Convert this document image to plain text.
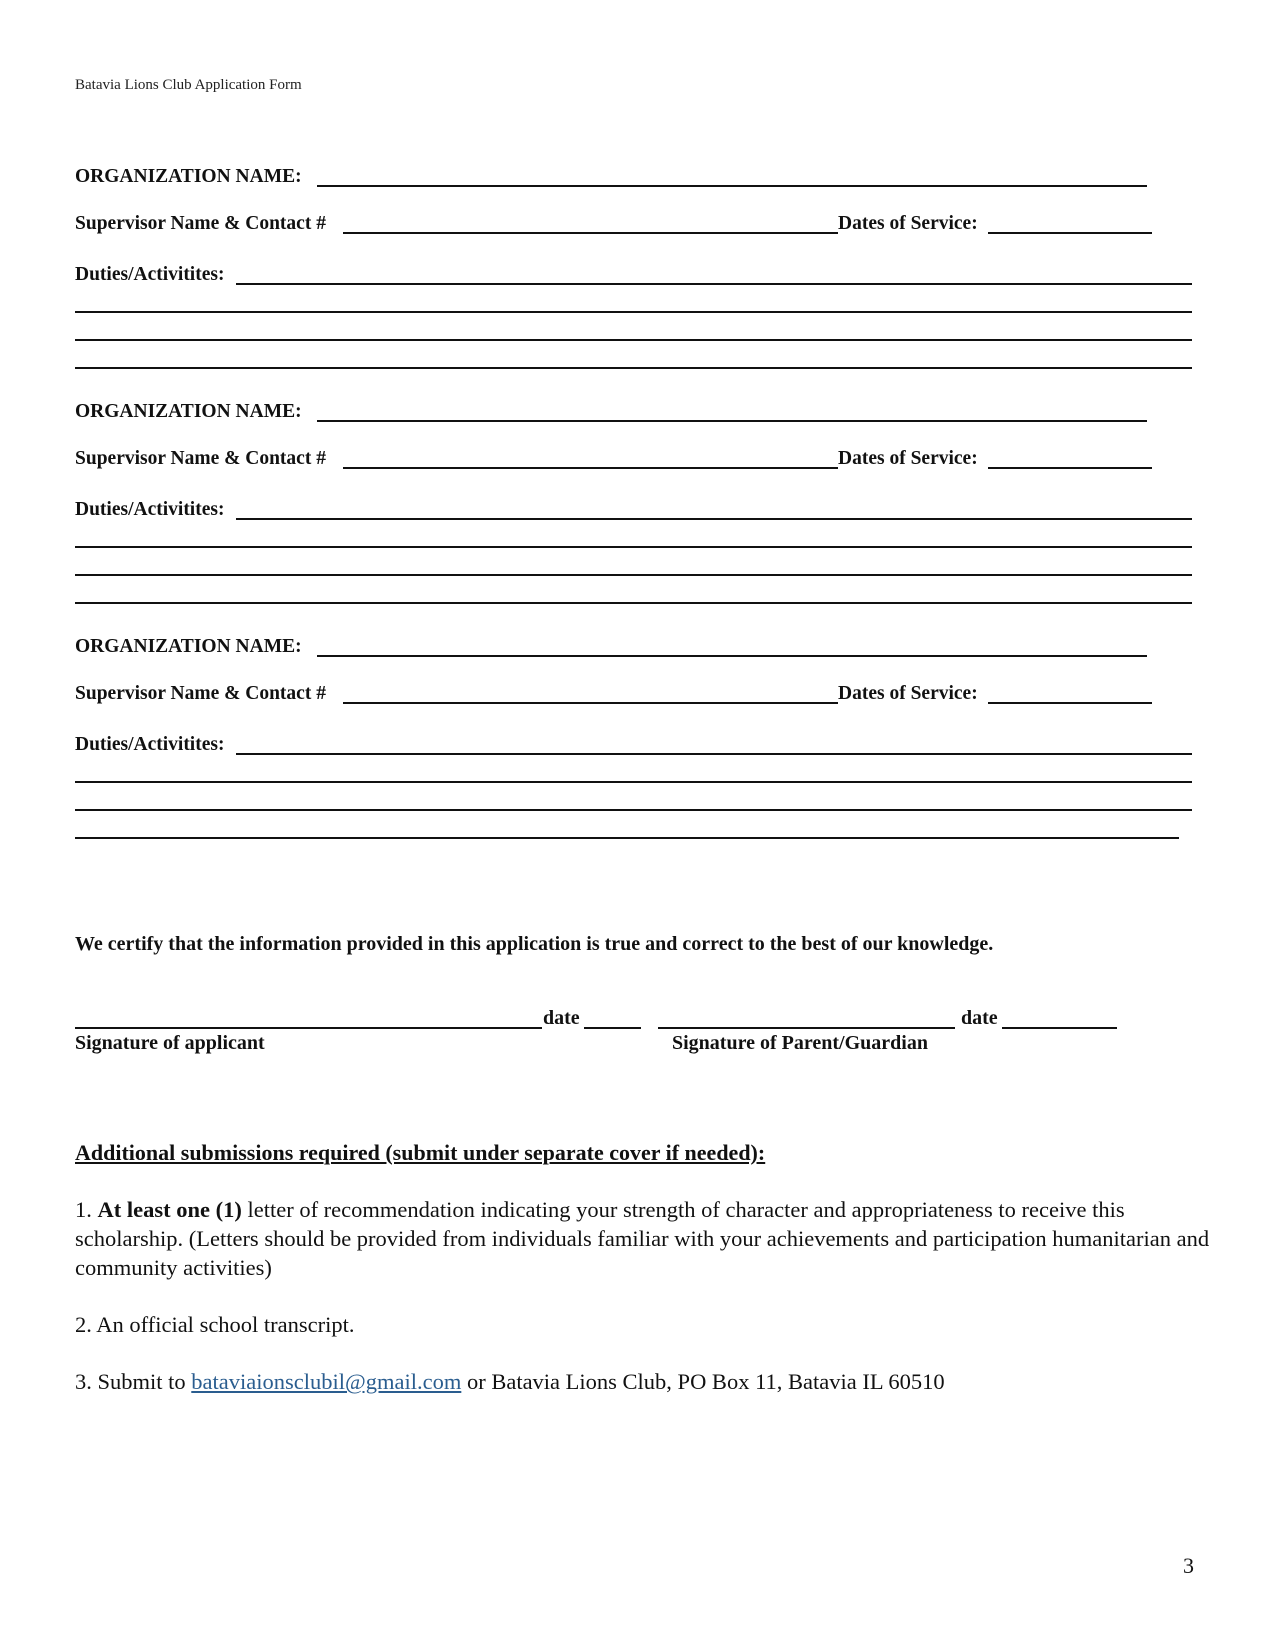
Batavia Lions Club Application Form
ORGANIZATION NAME:
Supervisor Name & Contact #	Dates of Service:
Duties/Activitites:
ORGANIZATION NAME:
Supervisor Name & Contact #	Dates of Service:
Duties/Activitites:
ORGANIZATION NAME:
Supervisor Name & Contact #	Dates of Service:
Duties/Activitites:
We certify that the information provided in this application is true and correct to the best of our knowledge.
date	date
Signature of applicant	Signature of Parent/Guardian
Additional submissions required (submit under separate cover if needed):
1. At least one (1) letter of recommendation indicating your strength of character and appropriateness to receive this scholarship. (Letters should be provided from individuals familiar with your achievements and participation humanitarian and community activities)
2. An official school transcript.
3. Submit to bataviaionsclubil@gmail.com or Batavia Lions Club, PO Box 11, Batavia IL 60510
3
